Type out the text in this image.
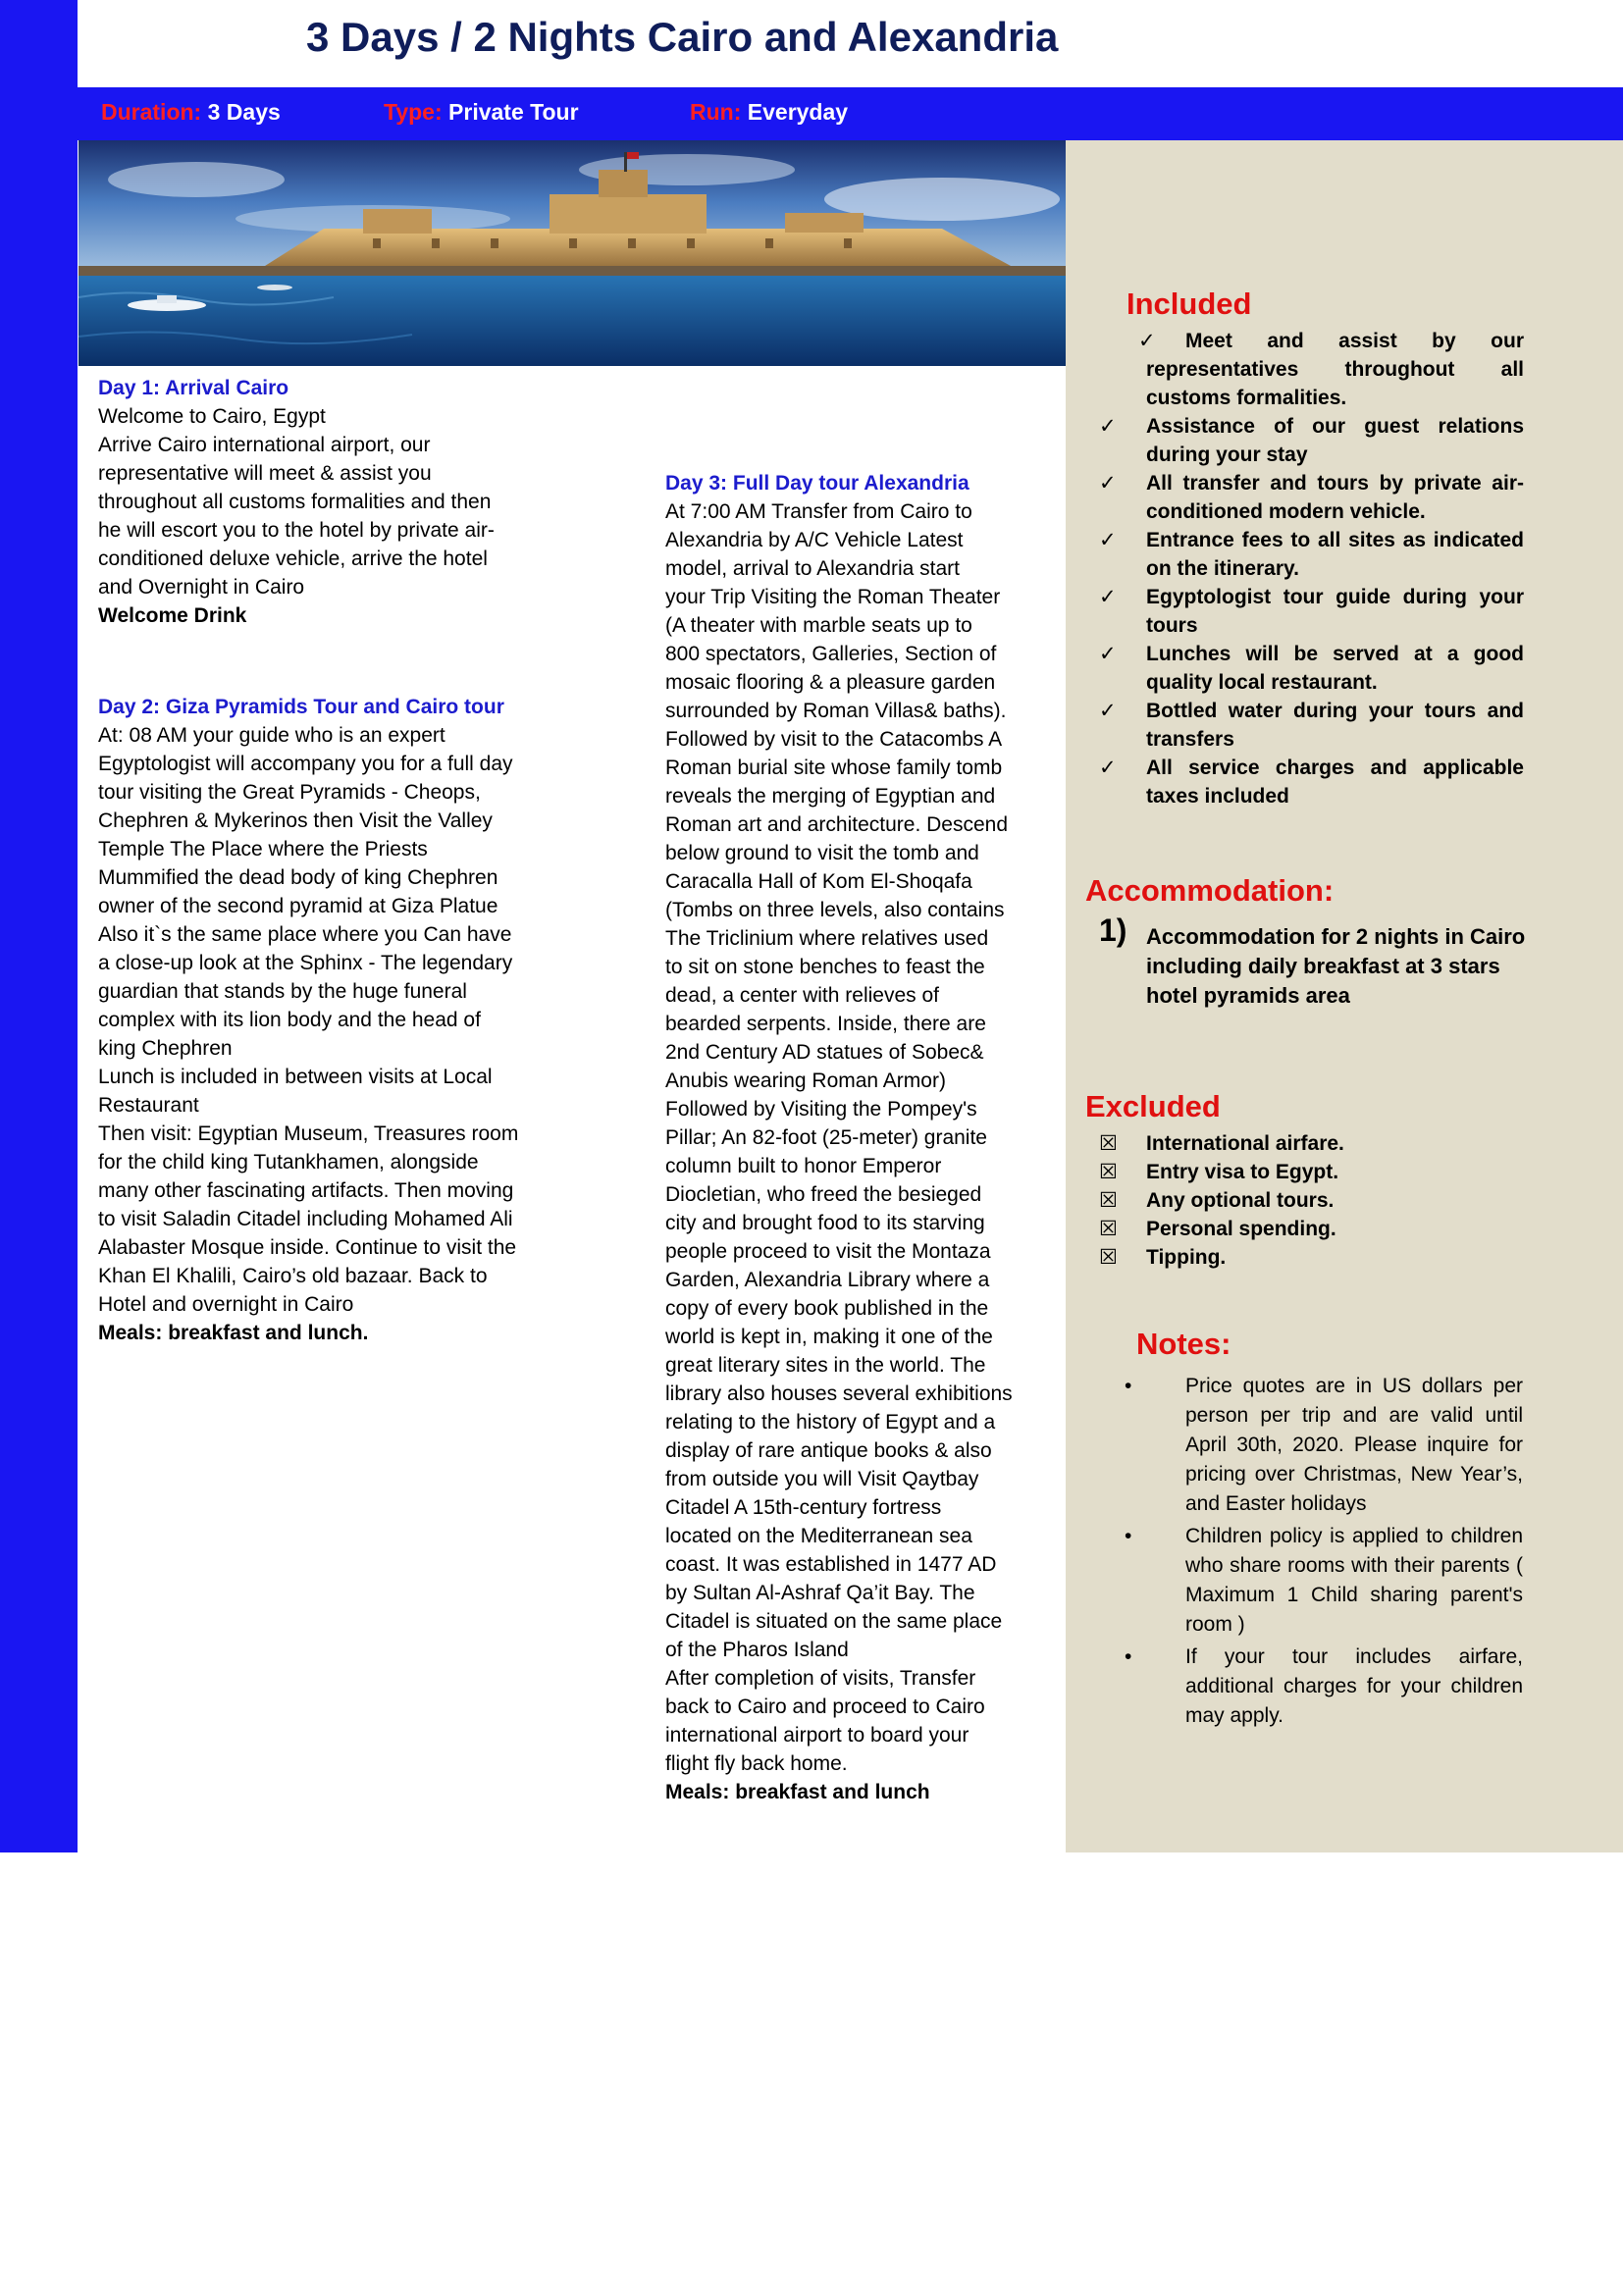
3 Days / 2 Nights Cairo and Alexandria
Duration: 3 Days	Type: Private Tour	Run: Everyday
Day 1: Arrival Cairo
Welcome to Cairo, Egypt
Arrive Cairo international airport, our
representative will meet & assist you
throughout all customs formalities and then
he will escort you to the hotel by private air-
conditioned deluxe vehicle, arrive the hotel
and Overnight in Cairo
Welcome Drink
Day 2: Giza Pyramids Tour and Cairo tour
At: 08 AM your guide who is an expert
Egyptologist will accompany you for a full day
tour visiting the Great Pyramids - Cheops,
Chephren & Mykerinos then Visit the Valley
Temple The Place where the Priests
Mummified the dead body of king Chephren
owner of the second pyramid at Giza Platue
Also it`s the same place where you Can have
a close-up look at the Sphinx - The legendary
guardian that stands by the huge funeral
complex with its lion body and the head of
king Chephren
Lunch is included in between visits at Local
Restaurant
Then visit: Egyptian Museum, Treasures room
for the child king Tutankhamen, alongside
many other fascinating artifacts. Then moving
to visit Saladin Citadel including Mohamed Ali
Alabaster Mosque inside. Continue to visit the
Khan El Khalili, Cairo’s old bazaar. Back to
Hotel and overnight in Cairo
Meals: breakfast and lunch.
Day 3: Full Day tour Alexandria
At 7:00 AM Transfer from Cairo to
Alexandria by A/C Vehicle Latest
model, arrival to Alexandria start
your Trip Visiting the Roman Theater
(A theater with marble seats up to
800 spectators, Galleries, Section of
mosaic flooring & a pleasure garden
surrounded by Roman Villas& baths).
Followed by visit to the Catacombs A
Roman burial site whose family tomb
reveals the merging of Egyptian and
Roman art and architecture. Descend
below ground to visit the tomb and
Caracalla Hall of Kom El-Shoqafa
(Tombs on three levels, also contains
The Triclinium where relatives used
to sit on stone benches to feast the
dead, a center with relieves of
bearded serpents. Inside, there are
2nd Century AD statues of Sobec&
Anubis wearing Roman Armor)
Followed by Visiting the Pompey's
Pillar; An 82-foot (25-meter) granite
column built to honor Emperor
Diocletian, who freed the besieged
city and brought food to its starving
people proceed to visit the Montaza
Garden, Alexandria Library where a
copy of every book published in the
world is kept in, making it one of the
great literary sites in the world. The
library also houses several exhibitions
relating to the history of Egypt and a
display of rare antique books & also
from outside you will Visit Qaytbay
Citadel A 15th-century fortress
located on the Mediterranean sea
coast. It was established in 1477 AD
by Sultan Al-Ashraf Qa’it Bay. The
Citadel is situated on the same place
of the Pharos Island
After completion of visits, Transfer
back to Cairo and proceed to Cairo
international airport to board your
flight fly back home.
Meals: breakfast and lunch
Included
✓	Meet and assist by our representatives throughout all customs formalities.
✓ Assistance of our guest relations during your stay
✓ All transfer and tours by private air-conditioned modern vehicle.
✓ Entrance fees to all sites as indicated on the itinerary.
✓ Egyptologist tour guide during your tours
✓ Lunches will be served at a good quality local restaurant.
✓ Bottled water during your tours and transfers
✓ All service charges and applicable taxes included
Accommodation:
1) Accommodation for 2 nights in Cairo including daily breakfast at 3 stars hotel pyramids area
Excluded
☒ International airfare.
☒ Entry visa to Egypt.
☒ Any optional tours.
☒ Personal spending.
☒ Tipping.
Notes:
•	Price quotes are in US dollars per person per trip and are valid until April 30th, 2020. Please inquire for pricing over Christmas, New Year’s, and Easter holidays
•	Children policy is applied to children who share rooms with their parents ( Maximum 1 Child sharing parent's room )
•	If your tour includes airfare, additional charges for your children may apply.
